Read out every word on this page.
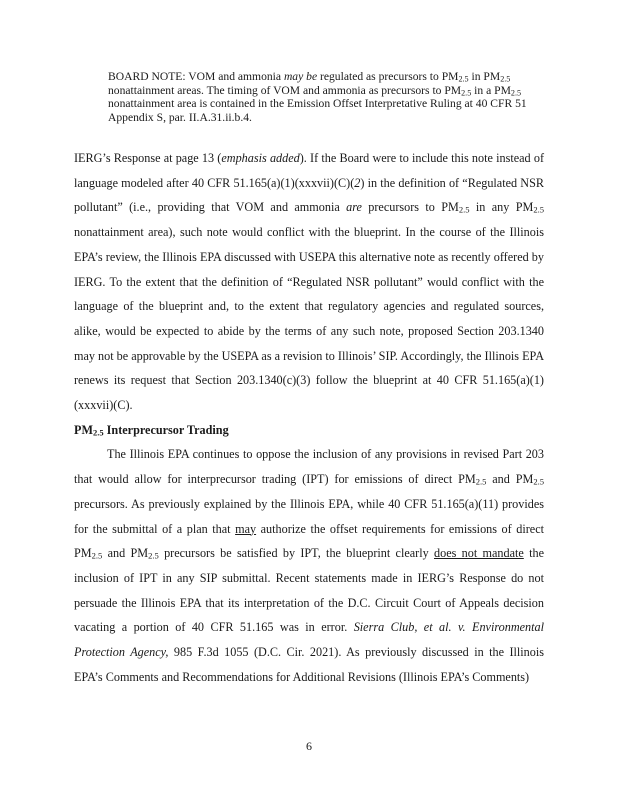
BOARD NOTE: VOM and ammonia may be regulated as precursors to $PM_{2.5}$ in $PM_{2.5}$ nonattainment areas. The timing of VOM and ammonia as precursors to $PM_{2.5}$ in a $PM_{2.5}$ nonattainment area is contained in the Emission Offset Interpretative Ruling at 40 CFR 51 Appendix S, par. II.A.31.ii.b.4.

IERG’s Response at page 13 (emphasis added). If the Board were to include this note instead of language modeled after 40 CFR 51.165(a)(1)(xxxvii)(C)(2) in the definition of “Regulated NSR pollutant” (i.e., providing that VOM and ammonia are precursors to $PM_{2.5}$ in any $PM_{2.5}$ nonattainment area), such note would conflict with the blueprint. In the course of the Illinois EPA’s review, the Illinois EPA discussed with USEPA this alternative note as recently offered by IERG. To the extent that the definition of “Regulated NSR pollutant” would conflict with the language of the blueprint and, to the extent that regulatory agencies and regulated sources, alike, would be expected to abide by the terms of any such note, proposed Section 203.1340 may not be approvable by the USEPA as a revision to Illinois’ SIP. Accordingly, the Illinois EPA renews its request that Section 203.1340(c)(3) follow the blueprint at 40 CFR 51.165(a)(1)(xxxvii)(C).

$PM_{2.5}$ Interprecursor Trading

The Illinois EPA continues to oppose the inclusion of any provisions in revised Part 203 that would allow for interprecursor trading (IPT) for emissions of direct $PM_{2.5}$ and $PM_{2.5}$ precursors. As previously explained by the Illinois EPA, while 40 CFR 51.165(a)(11) provides for the submittal of a plan that may authorize the offset requirements for emissions of direct $PM_{2.5}$ and $PM_{2.5}$ precursors be satisfied by IPT, the blueprint clearly does not mandate the inclusion of IPT in any SIP submittal. Recent statements made in IERG’s Response do not persuade the Illinois EPA that its interpretation of the D.C. Circuit Court of Appeals decision vacating a portion of 40 CFR 51.165 was in error. Sierra Club, et al. v. Environmental Protection Agency, 985 F.3d 1055 (D.C. Cir. 2021). As previously discussed in the Illinois EPA’s Comments and Recommendations for Additional Revisions (Illinois EPA’s Comments)

6
